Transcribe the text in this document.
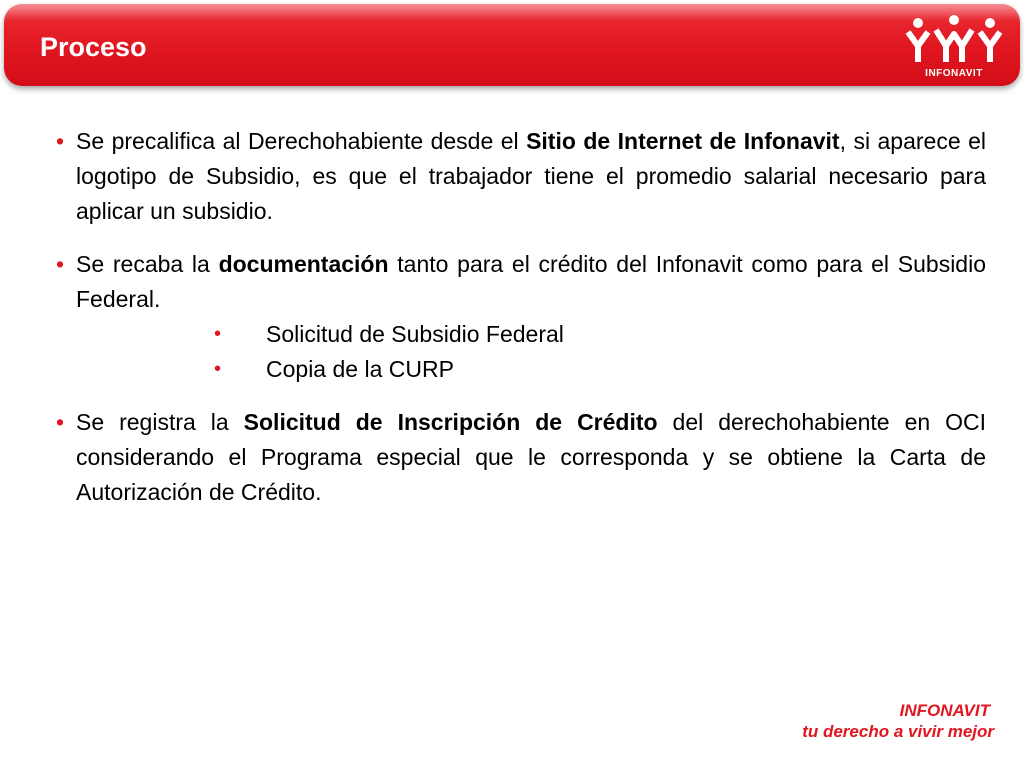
Proceso
INFONAVIT

• Se precalifica al Derechohabiente desde el Sitio de Internet de Infonavit, si aparece el logotipo de Subsidio, es que el trabajador tiene el promedio salarial necesario para aplicar un subsidio.

• Se recaba la documentación tanto para el crédito del Infonavit como para el Subsidio Federal.

• Solicitud de Subsidio Federal

• Copia de la CURP

• Se registra la Solicitud de Inscripción de Crédito del derechohabiente en OCI considerando el Programa especial que le corresponda y se obtiene la Carta de Autorización de Crédito.

INFONAVIT
tu derecho a vivir mejor
